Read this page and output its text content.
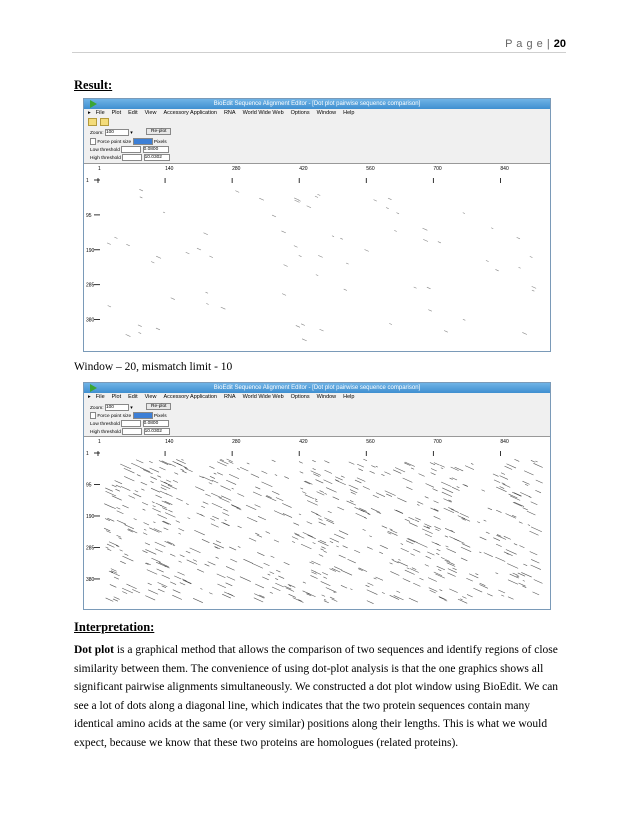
P a g e | 20
Result:
BioEdit Sequence Alignment Editor - [Dot plot pairwise sequence comparison]
▸ File Plot Edit View Accessory Application RNA World Wide Web Options Window Help
Zoom: 100	▾	Re-plot
Force point size	Pixels
Low threshold	0.0800
High threshold	10.0302
1	140	280	420	560	700	840
1
95
190
285
380
Window – 20, mismatch limit - 10
BioEdit Sequence Alignment Editor - [Dot plot pairwise sequence comparison]
▸ File Plot Edit View Accessory Application RNA World Wide Web Options Window Help
Zoom: 100	▾	Re-plot
Force point size	Pixels
Low threshold	0.0800
High threshold	10.0302
1	140	280	420	560	700	840
1
95
190
285
380
Interpretation:
Dot plot is a graphical method that allows the comparison of two sequences and identify regions of close similarity between them. The convenience of using dot-plot analysis is that the one graphics shows all significant pairwise alignments simultaneously. We constructed a dot plot window using BioEdit. We can see a lot of dots along a diagonal line, which indicates that the two protein sequences contain many identical amino acids at the same (or very similar) positions along their lengths. This is what we would expect, because we know that these two proteins are homologues (related proteins).
